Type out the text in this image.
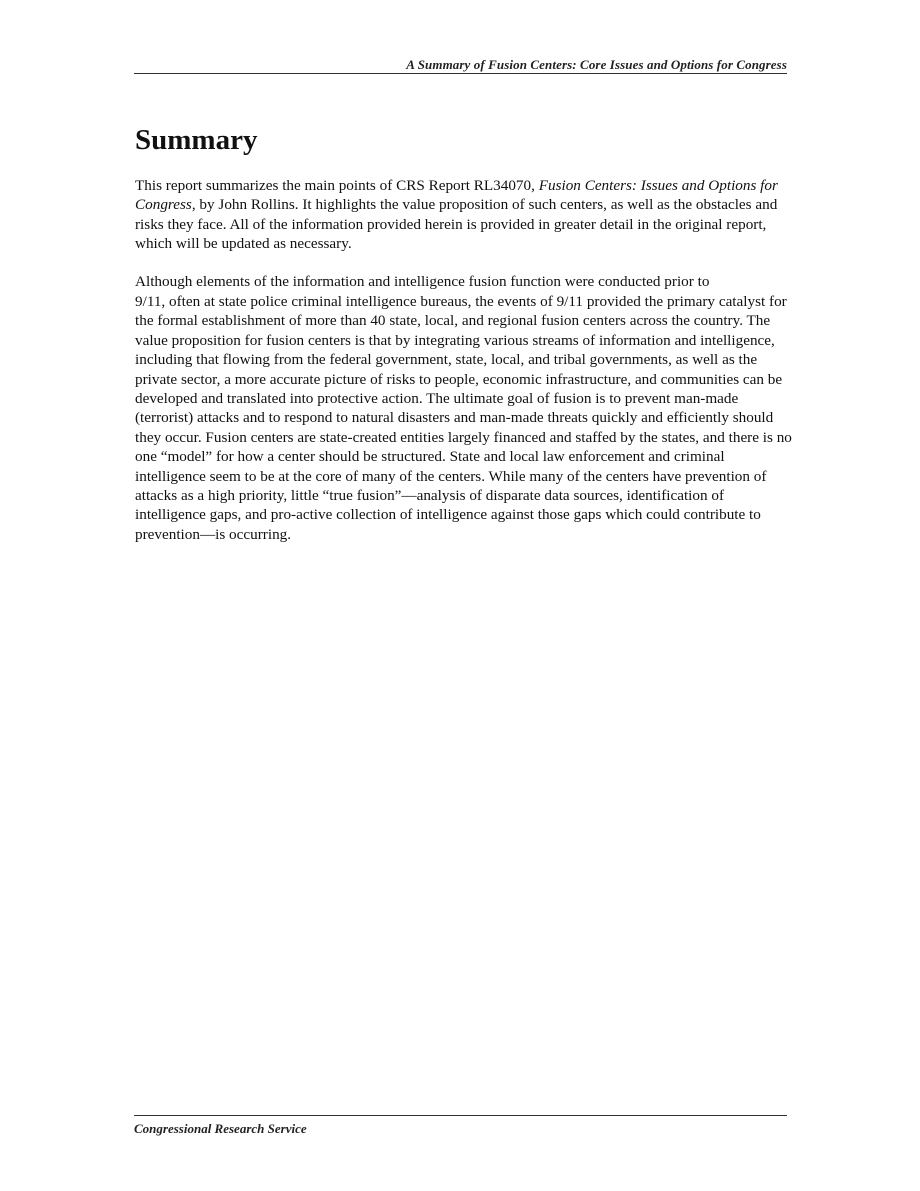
A Summary of Fusion Centers: Core Issues and Options for Congress
Summary

This report summarizes the main points of CRS Report RL34070, Fusion Centers: Issues and Options for Congress, by John Rollins. It highlights the value proposition of such centers, as well as the obstacles and risks they face. All of the information provided herein is provided in greater detail in the original report, which will be updated as necessary.

Although elements of the information and intelligence fusion function were conducted prior to

9/11, often at state police criminal intelligence bureaus, the events of 9/11 provided the primary catalyst for the formal establishment of more than 40 state, local, and regional fusion centers across the country. The value proposition for fusion centers is that by integrating various streams of information and intelligence, including that flowing from the federal government, state, local, and tribal governments, as well as the private sector, a more accurate picture of risks to people, economic infrastructure, and communities can be developed and translated into protective action. The ultimate goal of fusion is to prevent man-made (terrorist) attacks and to respond to natural disasters and man-made threats quickly and efficiently should they occur. Fusion centers are state-created entities largely financed and staffed by the states, and there is no one “model” for how a center should be structured. State and local law enforcement and criminal intelligence seem to be at the core of many of the centers. While many of the centers have prevention of attacks as a high priority, little “true fusion”—analysis of disparate data sources, identification of intelligence gaps, and pro-active collection of intelligence against those gaps which could contribute to prevention—is occurring.

Congressional Research Service
